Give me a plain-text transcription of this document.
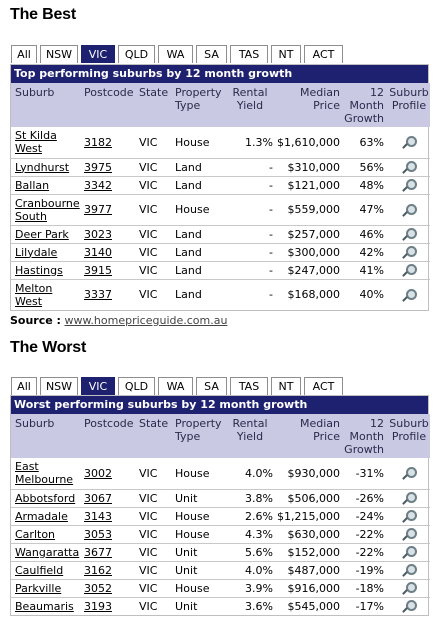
The Best
All	NSW	VIC	QLD	WA	SA	TAS	NT	ACT
Top performing suburbs by 12 month growth
Suburb	Postcode	State	Property Type	Rental Yield	Median Price	12 Month Growth	Suburb Profile
St Kilda West	3182	VIC	House	1.3%	$1,610,000	63%	
Lyndhurst	3975	VIC	Land	-	$310,000	56%	
Ballan	3342	VIC	Land	-	$121,000	48%	
Cranbourne South	3977	VIC	House	-	$559,000	47%	
Deer Park	3023	VIC	Land	-	$257,000	46%	
Lilydale	3140	VIC	Land	-	$300,000	42%	
Hastings	3915	VIC	Land	-	$247,000	41%	
Melton West	3337	VIC	Land	-	$168,000	40%	
Source : www.homepriceguide.com.au
The Worst
All	NSW	VIC	QLD	WA	SA	TAS	NT	ACT
Worst performing suburbs by 12 month growth
Suburb	Postcode	State	Property Type	Rental Yield	Median Price	12 Month Growth	Suburb Profile
East Melbourne	3002	VIC	House	4.0%	$930,000	-31%	
Abbotsford	3067	VIC	Unit	3.8%	$506,000	-26%	
Armadale	3143	VIC	House	2.6%	$1,215,000	-24%	
Carlton	3053	VIC	House	4.3%	$630,000	-22%	
Wangaratta	3677	VIC	Unit	5.6%	$152,000	-22%	
Caulfield	3162	VIC	Unit	4.0%	$487,000	-19%	
Parkville	3052	VIC	House	3.9%	$916,000	-18%	
Beaumaris	3193	VIC	Unit	3.6%	$545,000	-17%	
